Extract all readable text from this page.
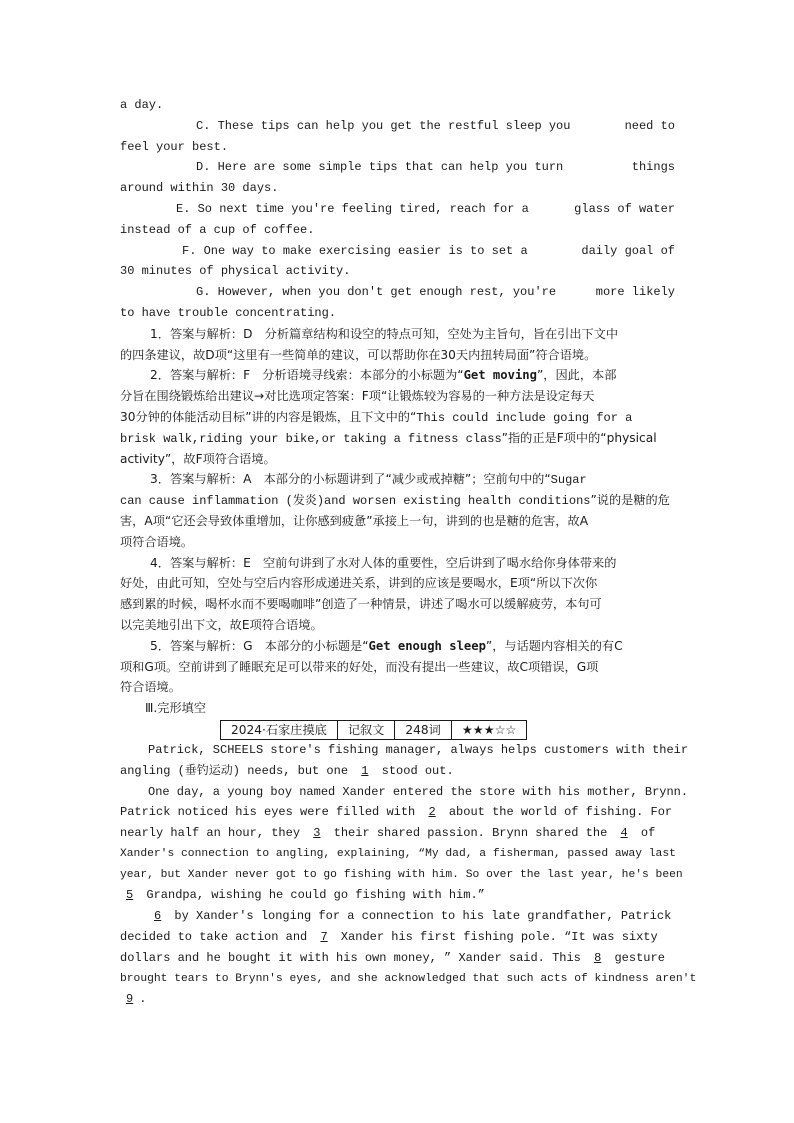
a day.
C. These tips can help you get the restful sleep you	need to
feel your best.
D. Here are some simple tips that can help you turn	things
around within 30 days.
E. So next time you're feeling tired, reach for a	glass of water
instead of a cup of coffee.
F. One way to make exercising easier is to set a	daily goal of
30 minutes of physical activity.
G. However, when you don't get enough rest, you're	more likely
to have trouble concentrating.
1．答案与解析：D　分析篇章结构和设空的特点可知，空处为主旨句，旨在引出下文中
的四条建议，故D项“这里有一些简单的建议，可以帮助你在30天内扭转局面”符合语境。
2．答案与解析：F　分析语境寻线索：本部分的小标题为“Get moving”，因此，本部
分旨在围绕锻炼给出建议→对比选项定答案：F项“让锻炼较为容易的一种方法是设定每天
30分钟的体能活动目标”讲的内容是锻炼，且下文中的“This could include going for a
brisk walk,riding your bike,or taking a fitness class”指的正是F项中的“physical
activity”，故F项符合语境。
3．答案与解析：A　本部分的小标题讲到了“减少或戒掉糖”；空前句中的“Sugar
can cause inflammation (发炎)and worsen existing health conditions”说的是糖的危
害，A项“它还会导致体重增加，让你感到疲惫”承接上一句，讲到的也是糖的危害，故A
项符合语境。
4．答案与解析：E　空前句讲到了水对人体的重要性，空后讲到了喝水给你身体带来的
好处，由此可知，空处与空后内容形成递进关系，讲到的应该是要喝水，E项“所以下次你
感到累的时候，喝杯水而不要喝咖啡”创造了一种情景，讲述了喝水可以缓解疲劳，本句可
以完美地引出下文，故E项符合语境。
5．答案与解析：G　本部分的小标题是“Get enough sleep”，与话题内容相关的有C
项和G项。空前讲到了睡眠充足可以带来的好处，而没有提出一些建议，故C项错误，G项
符合语境。
Ⅲ.完形填空
2024·石家庄摸底	记叙文	248词	★★★☆☆
Patrick, SCHEELS store's fishing manager, always helps customers with their
angling (垂钓运动) needs, but one 1 stood out.
One day, a young boy named Xander entered the store with his mother, Brynn.
Patrick noticed his eyes were filled with 2 about the world of fishing. For
nearly half an hour, they 3 their shared passion. Brynn shared the 4 of
Xander's connection to angling, explaining, “My dad, a fisherman, passed away last
year, but Xander never got to go fishing with him. So over the last year, he's been
5 Grandpa, wishing he could go fishing with him.”
6 by Xander's longing for a connection to his late grandfather, Patrick
decided to take action and 7 Xander his first fishing pole. “It was sixty
dollars and he bought it with his own money, ” Xander said. This 8 gesture
brought tears to Brynn's eyes, and she acknowledged that such acts of kindness aren't
9 .
